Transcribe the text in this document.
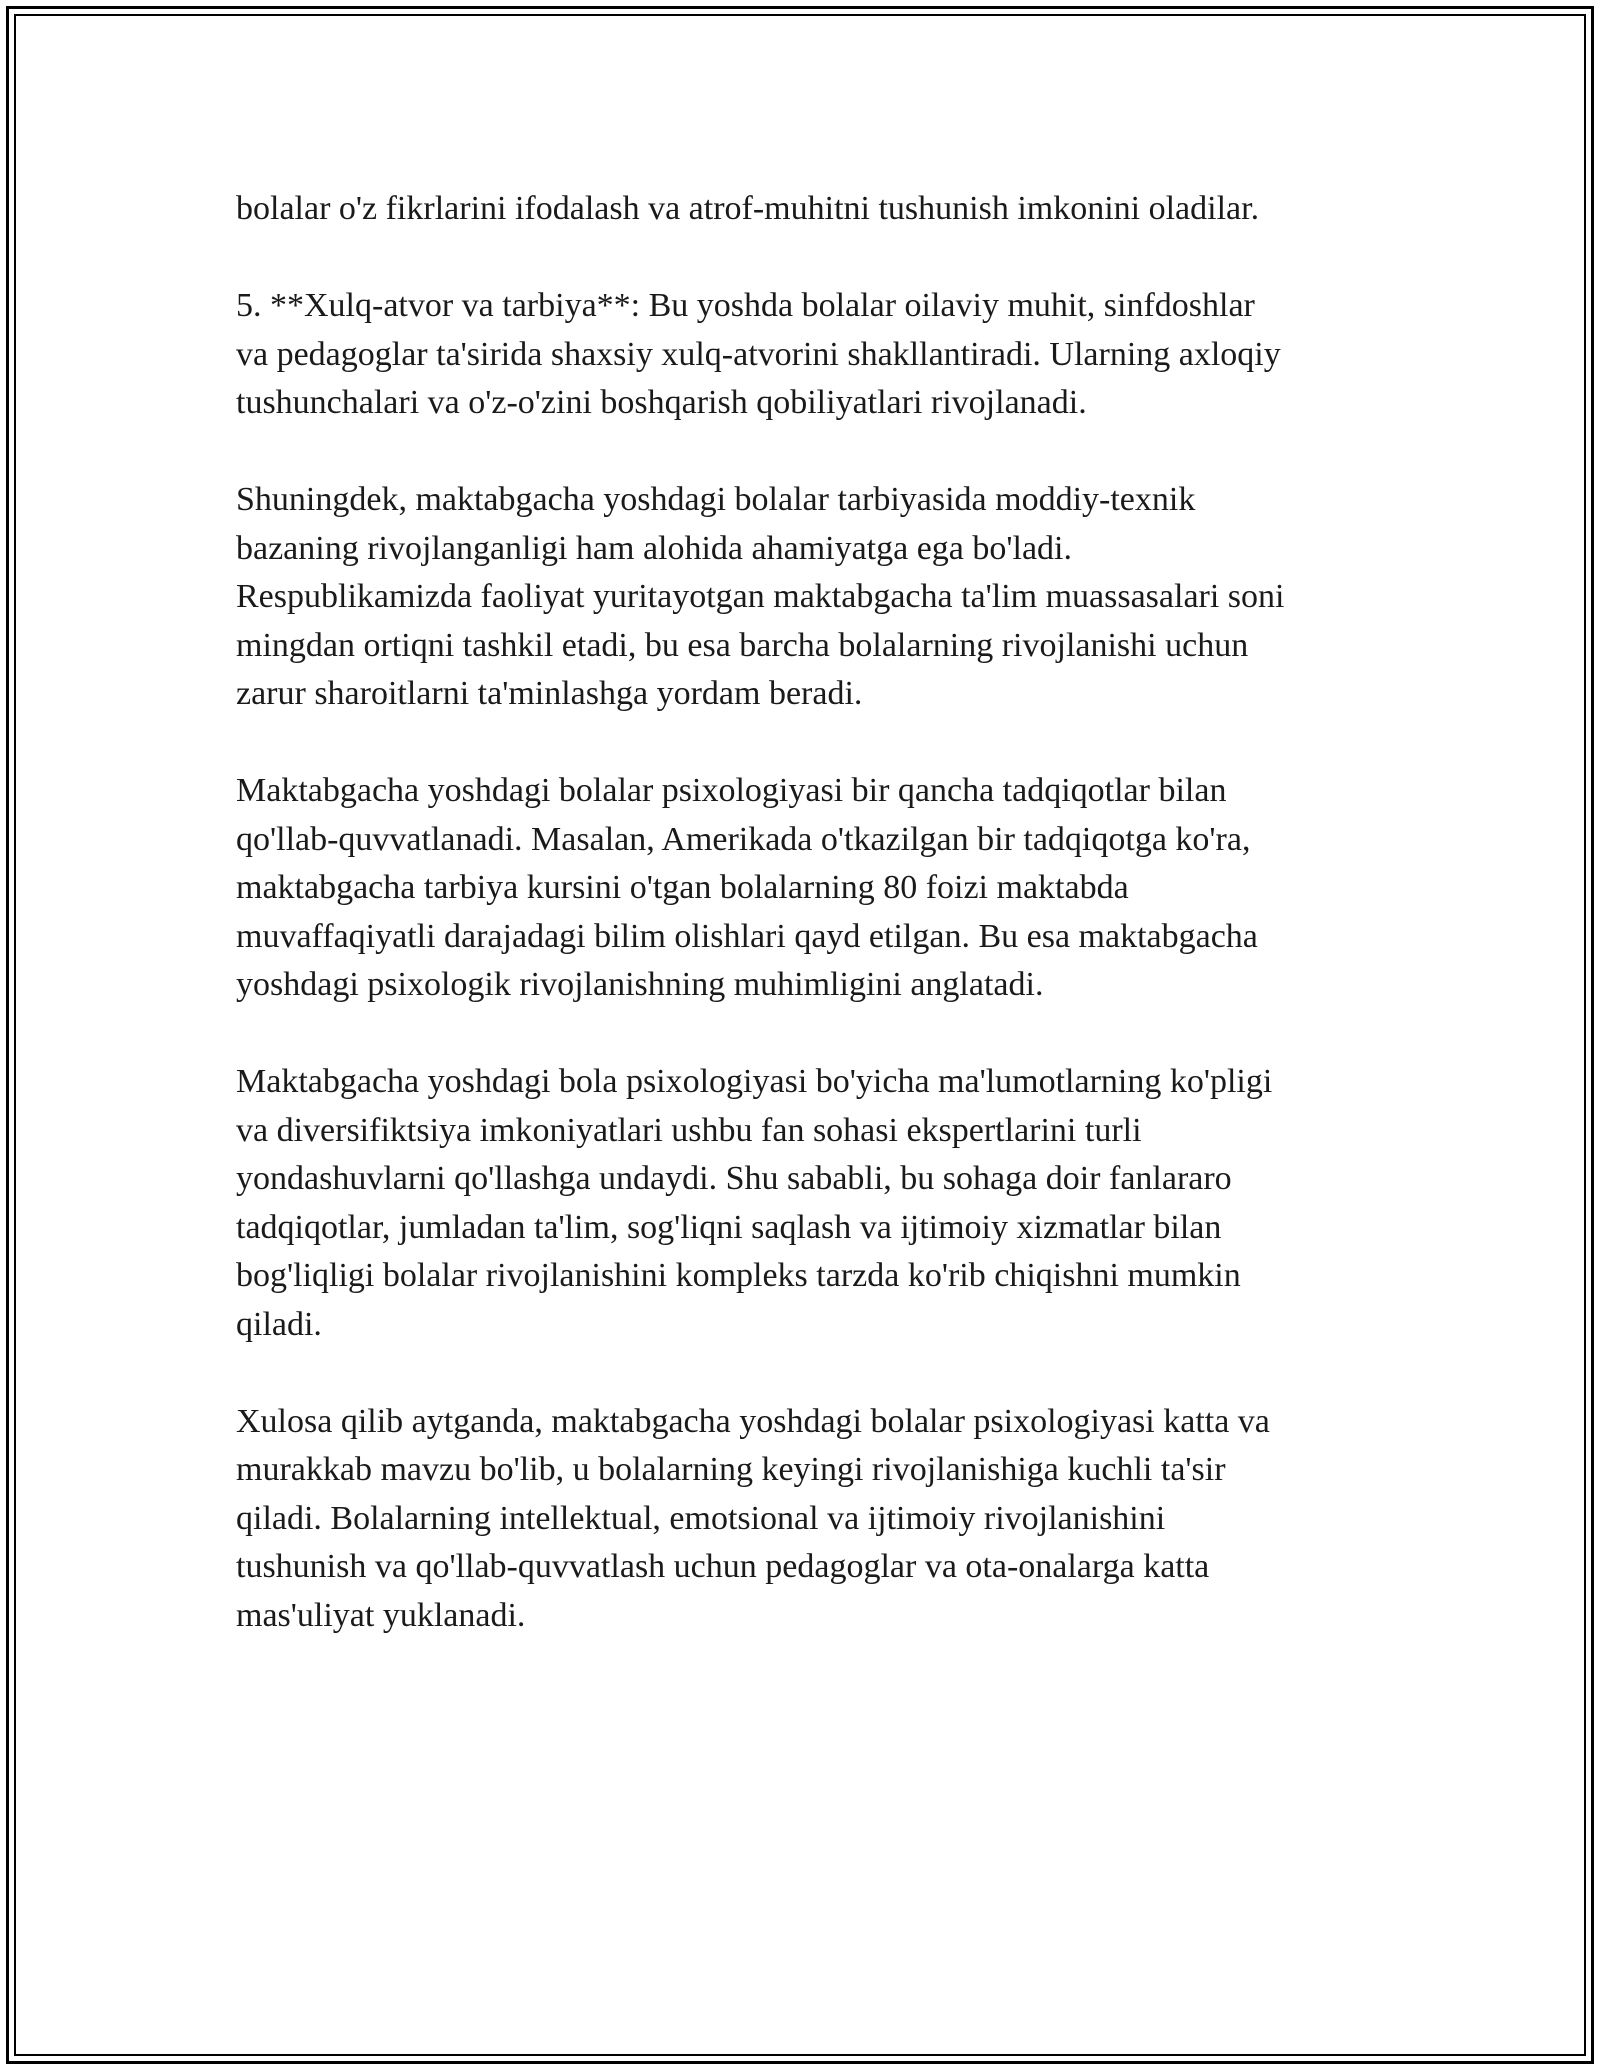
bolalar o'z fikrlarini ifodalash va atrof-muhitni tushunish imkonini oladilar.

5. **Xulq-atvor va tarbiya**: Bu yoshda bolalar oilaviy muhit, sinfdoshlar
va pedagoglar ta'sirida shaxsiy xulq-atvorini shakllantiradi. Ularning axloqiy
tushunchalari va o'z-o'zini boshqarish qobiliyatlari rivojlanadi.

Shuningdek, maktabgacha yoshdagi bolalar tarbiyasida moddiy-texnik
bazaning rivojlanganligi ham alohida ahamiyatga ega bo'ladi.
Respublikamizda faoliyat yuritayotgan maktabgacha ta'lim muassasalari soni
mingdan ortiqni tashkil etadi, bu esa barcha bolalarning rivojlanishi uchun
zarur sharoitlarni ta'minlashga yordam beradi.

Maktabgacha yoshdagi bolalar psixologiyasi bir qancha tadqiqotlar bilan
qo'llab-quvvatlanadi. Masalan, Amerikada o'tkazilgan bir tadqiqotga ko'ra,
maktabgacha tarbiya kursini o'tgan bolalarning 80 foizi maktabda
muvaffaqiyatli darajadagi bilim olishlari qayd etilgan. Bu esa maktabgacha
yoshdagi psixologik rivojlanishning muhimligini anglatadi.

Maktabgacha yoshdagi bola psixologiyasi bo'yicha ma'lumotlarning ko'pligi
va diversifiktsiya imkoniyatlari ushbu fan sohasi ekspertlarini turli
yondashuvlarni qo'llashga undaydi. Shu sababli, bu sohaga doir fanlararo
tadqiqotlar, jumladan ta'lim, sog'liqni saqlash va ijtimoiy xizmatlar bilan
bog'liqligi bolalar rivojlanishini kompleks tarzda ko'rib chiqishni mumkin
qiladi.

Xulosa qilib aytganda, maktabgacha yoshdagi bolalar psixologiyasi katta va
murakkab mavzu bo'lib, u bolalarning keyingi rivojlanishiga kuchli ta'sir
qiladi. Bolalarning intellektual, emotsional va ijtimoiy rivojlanishini
tushunish va qo'llab-quvvatlash uchun pedagoglar va ota-onalarga katta
mas'uliyat yuklanadi.
